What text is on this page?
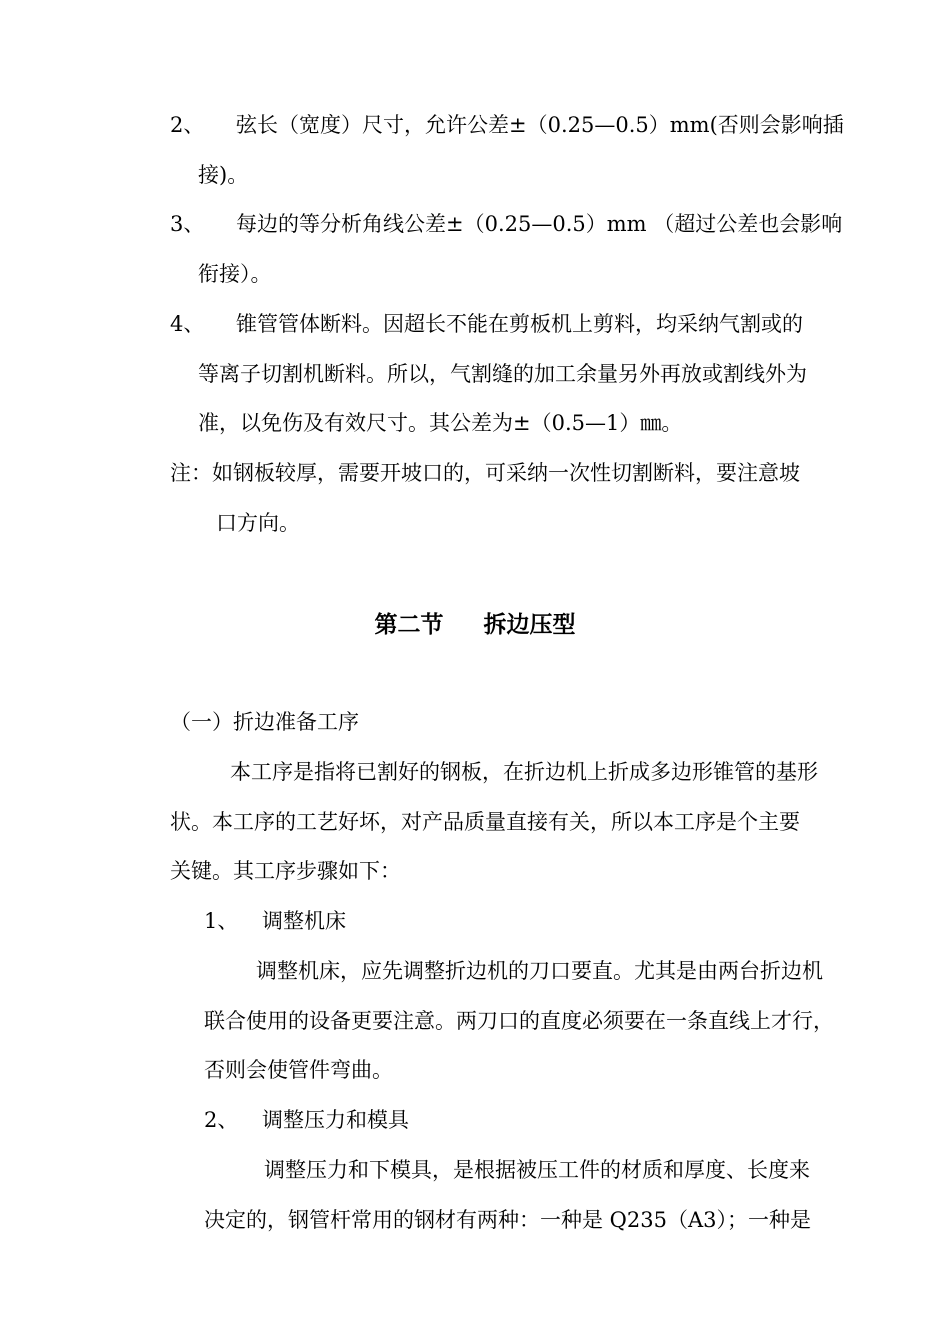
2、 弦长（宽度）尺寸，允许公差±（0.25—0.5）mm(否则会影响插
接)。
3、 每边的等分析角线公差±（0.25—0.5）mm （超过公差也会影响
衔接）。
4、 锥管管体断料。因超长不能在剪板机上剪料，均采纳气割或的
等离子切割机断料。所以，气割缝的加工余量另外再放或割线外为
准，以免伤及有效尺寸。其公差为±（0.5—1）㎜。
注：如钢板较厚，需要开坡口的，可采纳一次性切割断料，要注意坡
口方向。
第二节 拆边压型
（一）折边准备工序
本工序是指将已割好的钢板，在折边机上折成多边形锥管的基形
状。本工序的工艺好坏，对产品质量直接有关，所以本工序是个主要
关键。其工序步骤如下：
1、 调整机床
调整机床，应先调整折边机的刀口要直。尤其是由两台折边机
联合使用的设备更要注意。两刀口的直度必须要在一条直线上才行，
否则会使管件弯曲。
2、 调整压力和模具
调整压力和下模具，是根据被压工件的材质和厚度、长度来
决定的，钢管杆常用的钢材有两种：一种是 Q235（A3）；一种是
